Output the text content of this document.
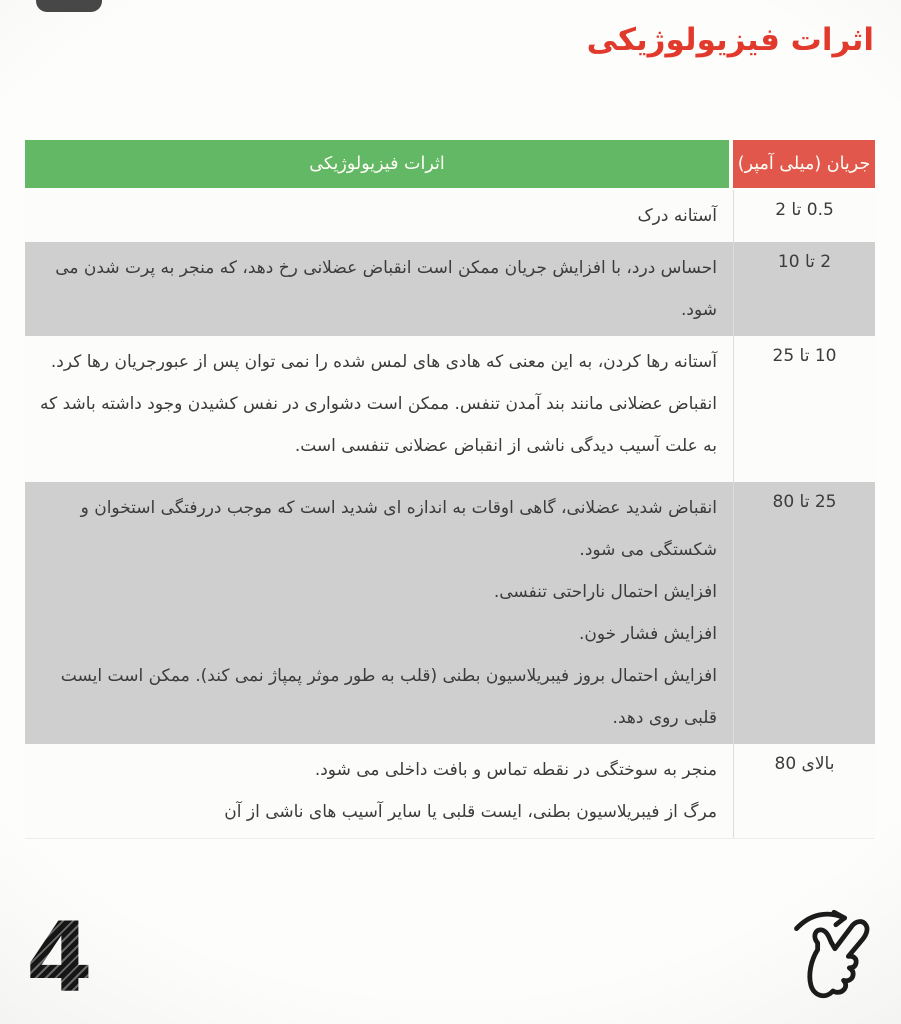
اثرات فیزیولوژیکی
جریان (میلی آمپر)
اثرات فیزیولوژیکی
0.5 تا 2

آستانه درک

2 تا 10

احساس درد، با افزایش جریان ممکن است انقباض عضلانی رخ دهد، که منجر به پرت شدن می شود.

10 تا 25

آستانه رها کردن، به این معنی که هادی های لمس شده را نمی توان پس از عبورجریان رها کرد.

انقباض عضلانی مانند بند آمدن تنفس. ممکن است دشواری در نفس کشیدن وجود داشته باشد که به علت آسیب دیدگی ناشی از انقباض عضلانی تنفسی است.

25 تا 80

انقباض شدید عضلانی، گاهی اوقات به اندازه ای شدید است که موجب دررفتگی استخوان و شکستگی می شود.

افزایش احتمال ناراحتی تنفسی.

افزایش فشار خون.

افزایش احتمال بروز فیبریلاسیون بطنی (قلب به طور موثر پمپاژ نمی کند). ممکن است ایست قلبی روی دهد.

بالای 80

منجر به سوختگی در نقطه تماس و بافت داخلی می شود.

مرگ از فیبریلاسیون بطنی، ایست قلبی یا سایر آسیب های ناشی از آن

4
